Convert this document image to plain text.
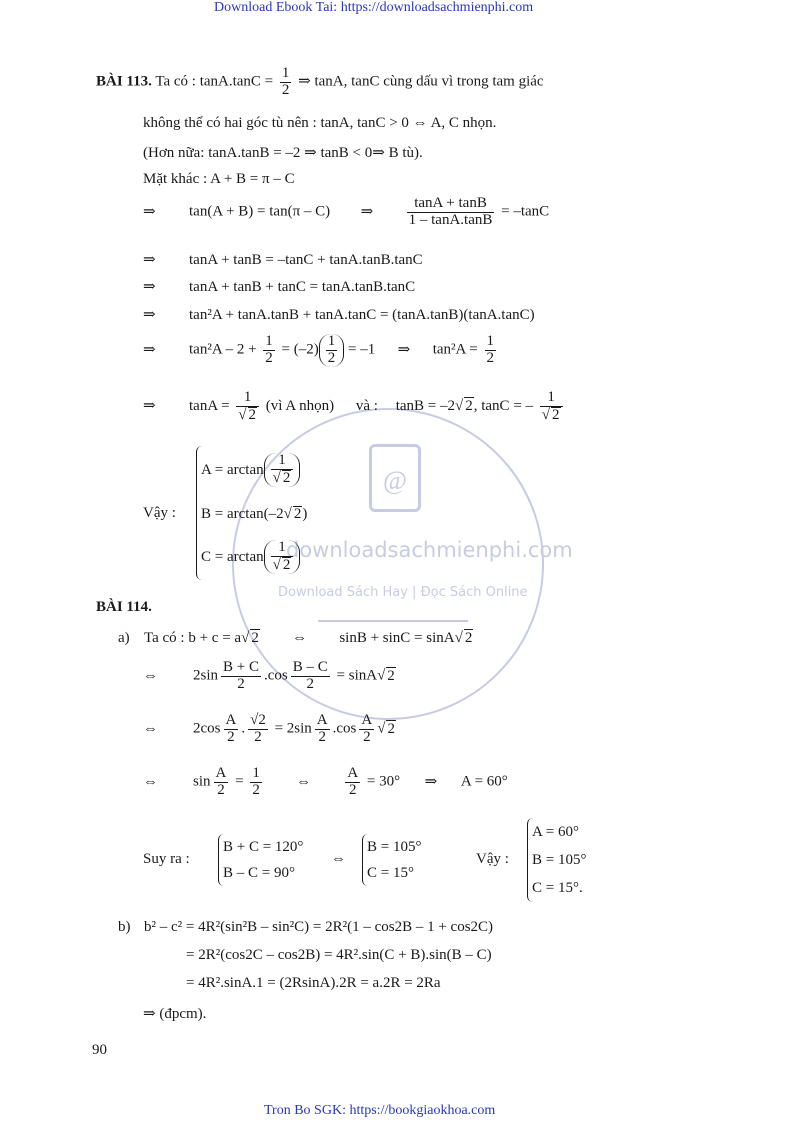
Download Ebook Tai: https://downloadsachmienphi.com
Tron Bo SGK: https://bookgiaokhoa.com
90
@
downloadsachmienphi.com
Download Sách Hay | Đọc Sách Online
BÀI 113. Ta có : $\tan A.\tan C = \frac{1}{2}$ ⇒ tanA, tanC cùng dấu vì trong tam giác
không thể có hai góc tù nên : tanA, tanC > 0 ⇔ A, C nhọn.
(Hơn nữa: tanA.tanB = –2 ⇒ tanB < 0⇒ B tù).
Mặt khác : A + B = π – C
⇒ tan(A + B) = tan(π – C) ⇒ $\frac{\tan A + \tan B}{1 - \tan A.\tan B} = -\tan C$
⇒ tanA + tanB = –tanC + tanA.tanB.tanC
⇒ tanA + tanB + tanC = tanA.tanB.tanC
⇒ tan²A + tanA.tanB + tanA.tanC = (tanA.tanB)(tanA.tanC)
⇒ $\tan^2A - 2 + \frac{1}{2} = (-2) \frac{1}{2} = -1$ ⇒ $\tan^2A = \frac{1}{2}$
⇒ $\tan A = \frac{1}{√ 2}$ (vì A nhọn) và : tanB = –2√ 2, tanC = – $\frac{1}{√ 2}$
Vậy :
$A = \arctan \frac{1}{√ 2}$
B = arctan(–2 √ 2 )
$C = \arctan \frac{1}{√ 2}$
BÀI 114.
a) Ta có : b + c = a√ 2 ⇔ sinB + sinC = sinA√ 2
⇔ $2\sin \frac{B + C}{2} .\cos \frac{B - C}{2} = \sin A√$ 2
⇔ $2\cos \frac{A}{2}$ . $\frac{√2}{2} = 2\sin \frac{A}{2} .\cos \frac{A}{2}$ √ 2
⇔ $\sin \frac{A}{2} = \frac{1}{2}$ ⇔ $\frac{A}{2} = 30^\circ$ ⇒ A = 60°
Suy ra :
B + C = 120°
B – C = 90°
⇔
B = 105°
C = 15°
Vậy :
A = 60°
B = 105°
C = 15°.
b) b² – c² = 4R²(sin²B – sin²C) = 2R²(1 – cos2B – 1 + cos2C)
= 2R²(cos2C – cos2B) = 4R².sin(C + B).sin(B – C)
= 4R².sinA.1 = (2RsinA).2R = a.2R = 2Ra
⇒ (đpcm).
